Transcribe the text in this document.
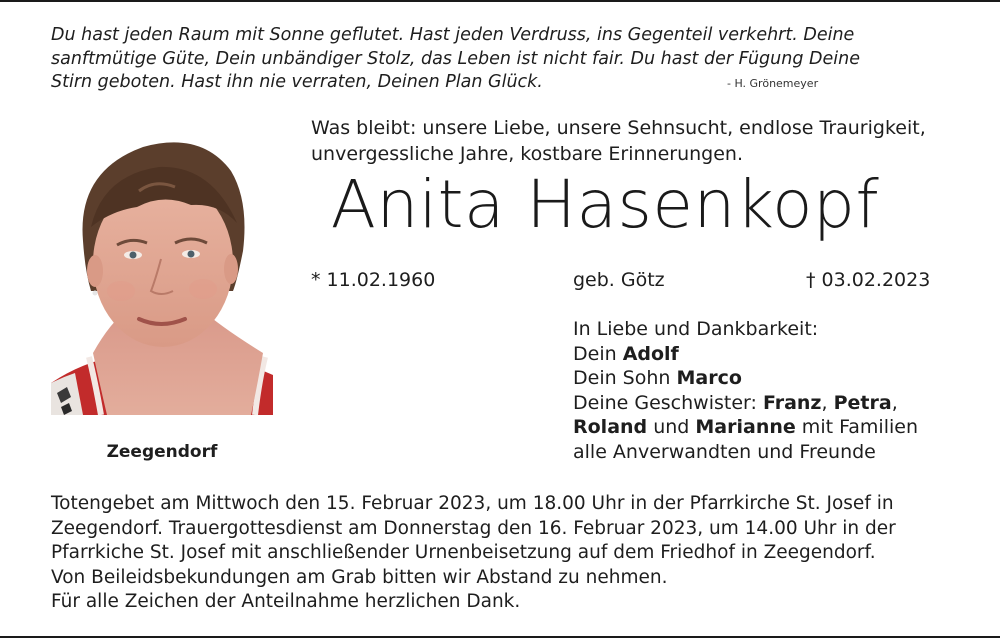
Du hast jeden Raum mit Sonne geflutet. Hast jeden Verdruss, ins Gegenteil verkehrt. Deine
sanftmütige Güte, Dein unbändiger Stolz, das Leben ist nicht fair. Du hast der Fügung Deine
Stirn geboten. Hast ihn nie verraten, Deinen Plan Glück.	- H. Grönemeyer
Was bleibt: unsere Liebe, unsere Sehnsucht, endlose Traurigkeit,
unvergessliche Jahre, kostbare Erinnerungen.
Anita Hasenkopf
* 11.02.1960	geb. Götz	† 03.02.2023
Zeegendorf
In Liebe und Dankbarkeit:
Dein Adolf
Dein Sohn Marco
Deine Geschwister: Franz, Petra,
Roland und Marianne mit Familien
alle Anverwandten und Freunde
Totengebet am Mittwoch den 15. Februar 2023, um 18.00 Uhr in der Pfarrkirche St. Josef in
Zeegendorf. Trauergottesdienst am Donnerstag den 16. Februar 2023, um 14.00 Uhr in der
Pfarrkiche St. Josef mit anschließender Urnenbeisetzung auf dem Friedhof in Zeegendorf.
Von Beileidsbekundungen am Grab bitten wir Abstand zu nehmen.
Für alle Zeichen der Anteilnahme herzlichen Dank.
